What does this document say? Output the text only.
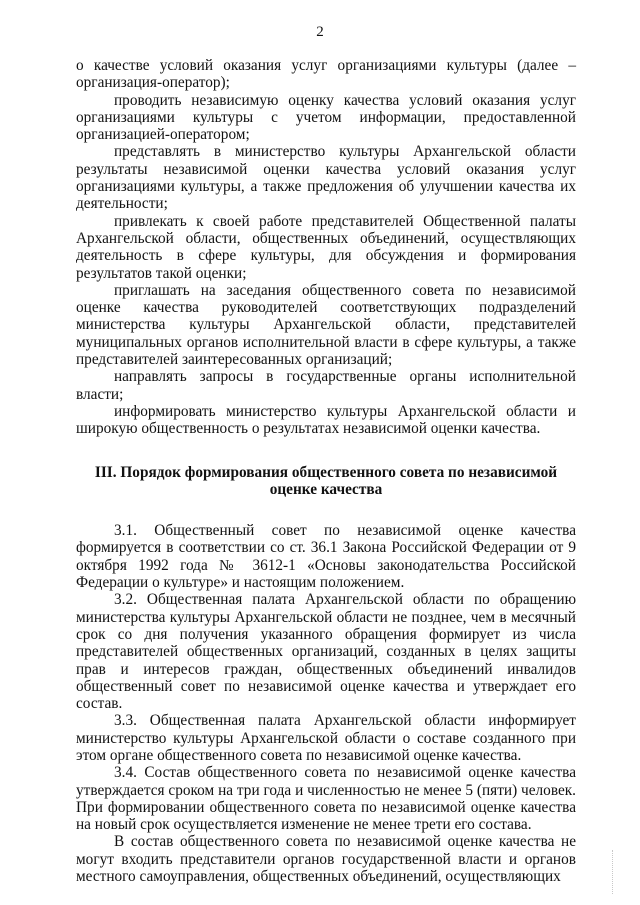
2

о качестве условий оказания услуг организациями культуры (далее – организация-оператор);

проводить независимую оценку качества условий оказания услуг организациями культуры с учетом информации, предоставленной организацией-оператором;

представлять в министерство культуры Архангельской области результаты независимой оценки качества условий оказания услуг организациями культуры, а также предложения об улучшении качества их деятельности;

привлекать к своей работе представителей Общественной палаты Архангельской области, общественных объединений, осуществляющих деятельность в сфере культуры, для обсуждения и формирования результатов такой оценки;

приглашать на заседания общественного совета по независимой оценке качества руководителей соответствующих подразделений министерства культуры Архангельской области, представителей муниципальных органов исполнительной власти в сфере культуры, а также представителей заинтересованных организаций;

направлять запросы в государственные органы исполнительной власти;

информировать министерство культуры Архангельской области и широкую общественность о результатах независимой оценки качества.

III. Порядок формирования общественного совета по независимой
оценке качества

3.1. Общественный совет по независимой оценке качества формируется в соответствии со ст. 36.1 Закона Российской Федерации от 9 октября 1992 года № 3612-1 «Основы законодательства Российской Федерации о культуре» и настоящим положением.

3.2. Общественная палата Архангельской области по обращению министерства культуры Архангельской области не позднее, чем в месячный срок со дня получения указанного обращения формирует из числа представителей общественных организаций, созданных в целях защиты прав и интересов граждан, общественных объединений инвалидов общественный совет по независимой оценке качества и утверждает его состав.

3.3. Общественная палата Архангельской области информирует министерство культуры Архангельской области о составе созданного при этом органе общественного совета по независимой оценке качества.

3.4. Состав общественного совета по независимой оценке качества утверждается сроком на три года и численностью не менее 5 (пяти) человек. При формировании общественного совета по независимой оценке качества на новый срок осуществляется изменение не менее трети его состава.

В состав общественного совета по независимой оценке качества не могут входить представители органов государственной власти и органов местного самоуправления, общественных объединений, осуществляющих
